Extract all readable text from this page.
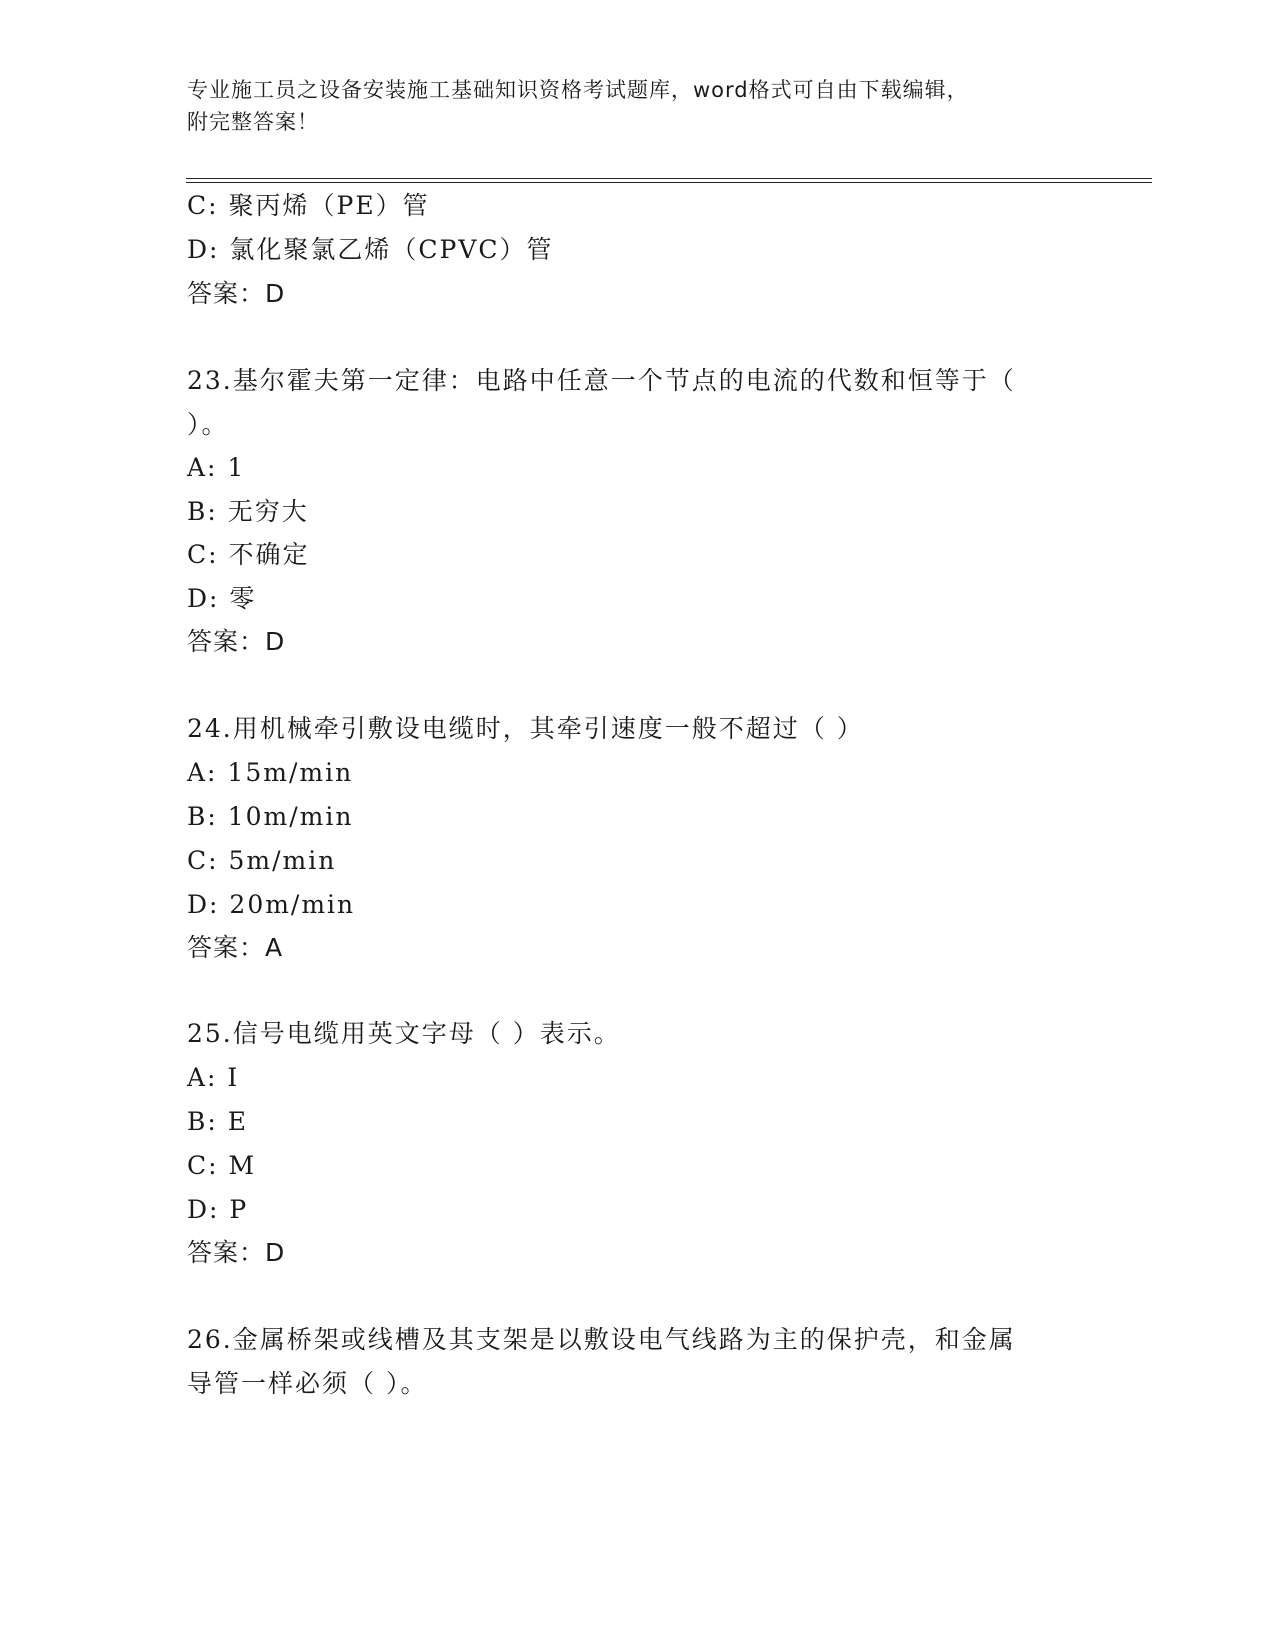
专业施工员之设备安装施工基础知识资格考试题库，word格式可自由下载编辑，
附完整答案！
C: 聚丙烯（PE）管
D: 氯化聚氯乙烯（CPVC）管
答案：D
23.基尔霍夫第一定律：电路中任意一个节点的电流的代数和恒等于（
）。
A: 1
B: 无穷大
C: 不确定
D: 零
答案：D
24.用机械牵引敷设电缆时，其牵引速度一般不超过（ ）
A: 15m/min
B: 10m/min
C: 5m/min
D: 20m/min
答案：A
25.信号电缆用英文字母（ ）表示。
A: I
B: E
C: M
D: P
答案：D
26.金属桥架或线槽及其支架是以敷设电气线路为主的保护壳，和金属
导管一样必须（ ）。
